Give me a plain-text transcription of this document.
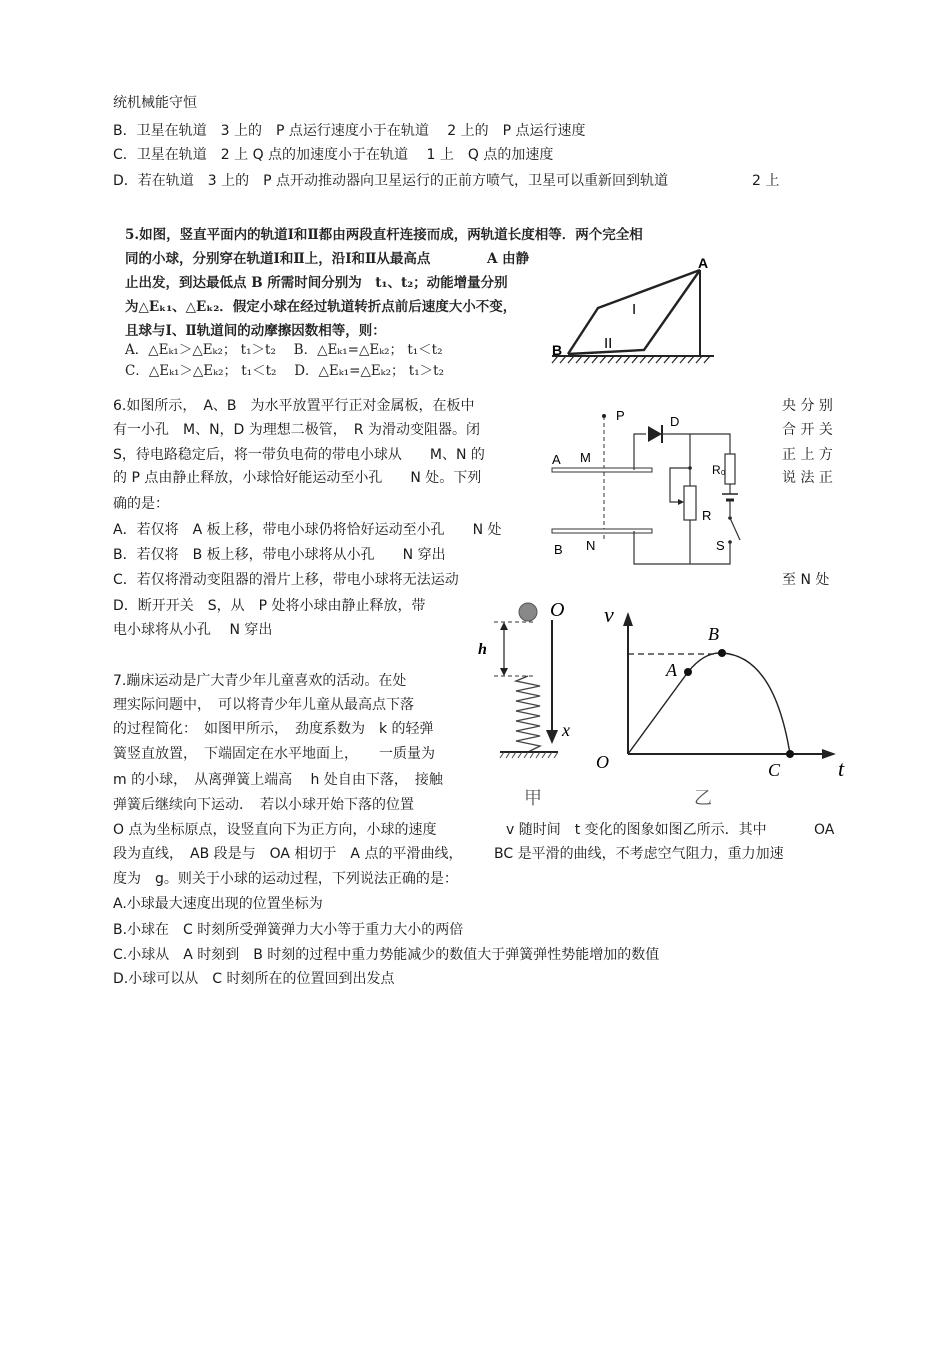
统机械能守恒
B．卫星在轨道　3 上的　P 点运行速度小于在轨道　 2 上的　P 点运行速度
C．卫星在轨道　2 上 Q 点的加速度小于在轨道　 1 上　Q 点的加速度
D．若在轨道　3 上的　P 点开动推动器向卫星运行的正前方喷气，卫星可以重新回到轨道	2 上
5.如图，竖直平面内的轨道Ⅰ和Ⅱ都由两段直杆连接而成，两轨道长度相等．两个完全相
同的小球，分别穿在轨道Ⅰ和Ⅱ上，沿Ⅰ和Ⅱ从最高点	A 由静
止出发，到达最低点 B 所需时间分别为　t₁、t₂；动能增量分别
为△Eₖ₁、△Eₖ₂．假定小球在经过轨道转折点前后速度大小不变，
且球与Ⅰ、Ⅱ轨道间的动摩擦因数相等，则：
A．△Eₖ₁＞△Eₖ₂； t₁＞t₂　 B．△Eₖ₁=△Eₖ₂； t₁＜t₂
C．△Eₖ₁＞△Eₖ₂； t₁＜t₂　 D．△Eₖ₁=△Eₖ₂； t₁＞t₂
A
B
I
II
6.如图所示，　A、B　为水平放置平行正对金属板，在板中	央 分 别
有一小孔　M、N，D 为理想二极管，　R 为滑动变阻器。闭	合 开 关
S，待电路稳定后，将一带负电荷的带电小球从　　M、N 的	正 上 方
的 P 点由静止释放，小球恰好能运动至小孔　　N 处。下列	说 法 正
确的是：
A．若仅将　A 板上移，带电小球仍将恰好运动至小孔　　N 处
B．若仅将　B 板上移，带电小球将从小孔　　N 穿出
C．若仅将滑动变阻器的滑片上移，带电小球将无法运动	至 N 处
D．断开开关　S，从　P 处将小球由静止释放，带
电小球将从小孔　 N 穿出
P
A M
B N
D
R₀
S
R
7.蹦床运动是广大青少年儿童喜欢的活动。在处
理实际问题中，　可以将青少年儿童从最高点下落
的过程简化：　如图甲所示，　劲度系数为　k 的轻弹
簧竖直放置，　下端固定在水平地面上，　　一质量为
m 的小球，　从离弹簧上端高　 h 处自由下落，　接触
弹簧后继续向下运动．　若以小球开始下落的位置
O 点为坐标原点，设竖直向下为正方向，小球的速度	v 随时间　t 变化的图象如图乙所示．其中	OA
段为直线，　AB 段是与　OA 相切于　A 点的平滑曲线， BC 是平滑的曲线，不考虑空气阻力，重力加速
度为　g。则关于小球的运动过程，下列说法正确的是：
A.小球最大速度出现的位置坐标为
B.小球在　C 时刻所受弹簧弹力大小等于重力大小的两倍
C.小球从　A 时刻到　B 时刻的过程中重力势能减少的数值大于弹簧弹性势能增加的数值
D.小球可以从　C 时刻所在的位置回到出发点
O
x
h
甲
v
t
O
A
B
C
乙
